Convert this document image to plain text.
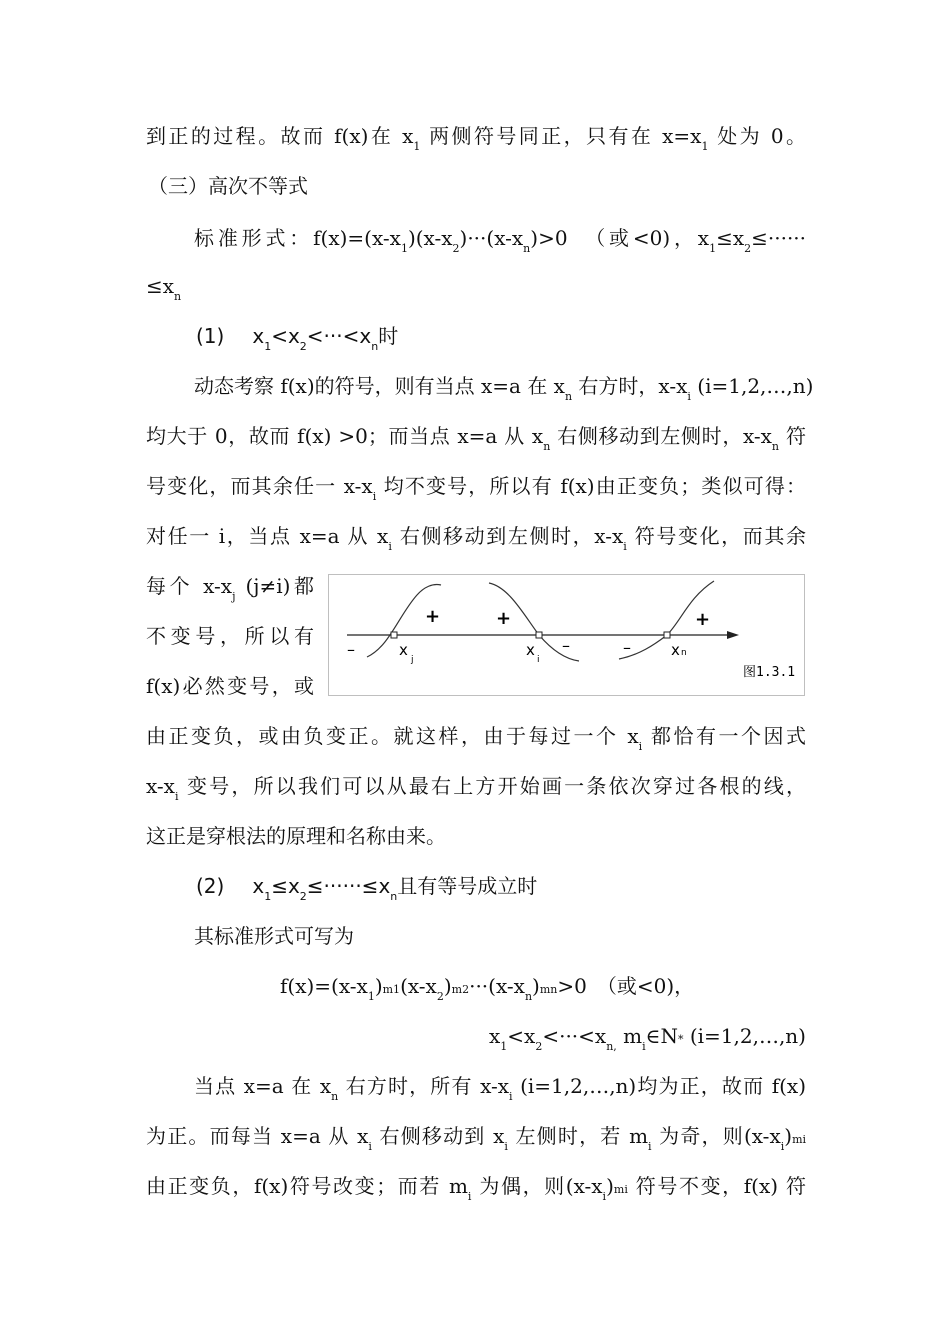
到正的过程。故而 f(x)在 $x_1$ 两侧符号同正，只有在 $x=x_1$ 处为 0。
（三）高次不等式
标准形式：$f(x)=(x-x_1)(x-x_2)\cdot\cdot\cdot(x-x_n)>0$　（或<0)，$x_1\le x_2\le\cdot\cdot\cdot\cdot\cdot\cdot$
$\le x_n$
(1) $x_1<x_2<\cdot\cdot\cdot<x_n$时
动态考察 f(x)的符号，则有当点 x=a 在 $x_n$ 右方时，$x-x_i$ (i=1,2,…,n)
均大于 0，故而 f(x) >0；而当点 x=a 从 $x_n$ 右侧移动到左侧时，$x-x_n$ 符
号变化，而其余任一 $x-x_i$ 均不变号，所以有 f(x)由正变负；类似可得：
对任一 i，当点 x=a 从 $x_i$ 右侧移动到左侧时，$x-x_i$ 符号变化，而其余
每个 $x-x_j$ (j≠i)都
不变号，所以有
f(x)必然变号，或
+	+	+
–	–	–
x
j
x
i
x n
图1.3.1
由正变负，或由负变正。就这样，由于每过一个 $x_i$ 都恰有一个因式
$x-x_i$ 变号，所以我们可以从最右上方开始画一条依次穿过各根的线，
这正是穿根法的原理和名称由来。
(2) $x_1\le x_2\le\cdot\cdot\cdot\cdot\cdot\cdot\le x_n$且有等号成立时
其标准形式可写为
$f(x)=(x-x_1)m1(x-x_2)m2\cdot\cdot\cdot(x-x_n)mn>0$　（或<0)，
$x_1<x_2<\cdot\cdot\cdot<x_{n,}$ $m_i\in N*$ (i=1,2,…,n)
当点 x=a 在 $x_n$ 右方时，所有 $x-x_i$ (i=1,2,…,n)均为正，故而 f(x)
为正。而每当 x=a 从 $x_i$ 右侧移动到 $x_i$ 左侧时，若 $m_i$ 为奇，则$(x-x_i)mi$
由正变负，f(x)符号改变；而若 $m_i$ 为偶，则$(x-x_i)mi$ 符号不变，f(x) 符
